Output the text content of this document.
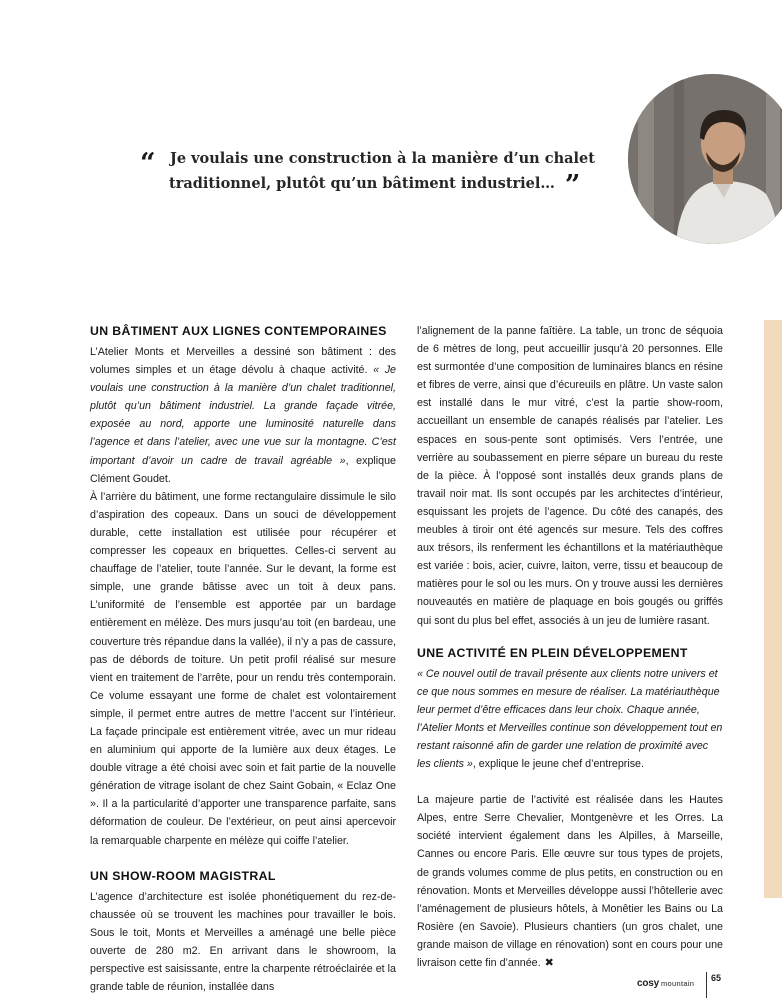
“ Je voulais une construction à la manière d’un chalet
traditionnel, plutôt qu’un bâtiment industriel… ”
UN BÂTIMENT AUX LIGNES CONTEMPORAINES

L’Atelier Monts et Merveilles a dessiné son bâtiment : des volumes simples et un étage dévolu à chaque activité. « Je voulais une construction à la manière d’un chalet traditionnel, plutôt qu’un bâtiment industriel. La grande façade vitrée, exposée au nord, apporte une luminosité naturelle dans l’agence et dans l’atelier, avec une vue sur la montagne. C’est important d’avoir un cadre de travail agréable », explique Clément Goudet.

À l’arrière du bâtiment, une forme rectangulaire dissimule le silo d’aspiration des copeaux. Dans un souci de développement durable, cette installation est utilisée pour récupérer et compresser les copeaux en briquettes. Celles-ci servent au chauffage de l’atelier, toute l’année. Sur le devant, la forme est simple, une grande bâtisse avec un toit à deux pans. L’uniformité de l’ensemble est apportée par un bardage entièrement en mélèze. Des murs jusqu’au toit (en bardeau, une couverture très répandue dans la vallée), il n’y a pas de cassure, pas de débords de toiture. Un petit profil réalisé sur mesure vient en traitement de l’arrête, pour un rendu très contemporain. Ce volume essayant une forme de chalet est volontairement simple, il permet entre autres de mettre l’accent sur l’intérieur. La façade principale est entièrement vitrée, avec un mur rideau en aluminium qui apporte de la lumière aux deux étages. Le double vitrage a été choisi avec soin et fait partie de la nouvelle génération de vitrage isolant de chez Saint Gobain, « Eclaz One ». Il a la particularité d’apporter une transparence parfaite, sans déformation de couleur. De l’extérieur, on peut ainsi apercevoir la remarquable charpente en mélèze qui coiffe l’atelier.

UN SHOW-ROOM MAGISTRAL

L’agence d’architecture est isolée phonétiquement du rez-de-chaussée où se trouvent les machines pour travailler le bois. Sous le toit, Monts et Merveilles a aménagé une belle pièce ouverte de 280 m2. En arrivant dans le showroom, la perspective est saisissante, entre la charpente rétroéclairée et la grande table de réunion, installée dans

l’alignement de la panne faîtière. La table, un tronc de séquoia de 6 mètres de long, peut accueillir jusqu’à 20 personnes. Elle est surmontée d’une composition de luminaires blancs en résine et fibres de verre, ainsi que d’écureuils en plâtre. Un vaste salon est installé dans le mur vitré, c’est la partie show-room, accueillant un ensemble de canapés réalisés par l’atelier. Les espaces en sous-pente sont optimisés. Vers l’entrée, une verrière au soubassement en pierre sépare un bureau du reste de la pièce. À l’opposé sont installés deux grands plans de travail noir mat. Ils sont occupés par les architectes d’intérieur, esquissant les projets de l’agence. Du côté des canapés, des meubles à tiroir ont été agencés sur mesure. Tels des coffres aux trésors, ils renferment les échantillons et la matériauthèque est variée : bois, acier, cuivre, laiton, verre, tissu et beaucoup de matières pour le sol ou les murs. On y trouve aussi les dernières nouveautés en matière de plaquage en bois gougés ou griffés qui sont du plus bel effet, associés à un jeu de lumière rasant.

UNE ACTIVITÉ EN PLEIN DÉVELOPPEMENT

« Ce nouvel outil de travail présente aux clients notre univers et ce que nous sommes en mesure de réaliser. La matériauthèque leur permet d’être efficaces dans leur choix. Chaque année, l’Atelier Monts et Merveilles continue son développement tout en restant raisonné afin de garder une relation de proximité avec les clients », explique le jeune chef d’entreprise.

La majeure partie de l’activité est réalisée dans les Hautes Alpes, entre Serre Chevalier, Montgenèvre et les Orres. La société intervient également dans les Alpilles, à Marseille, Cannes ou encore Paris. Elle œuvre sur tous types de projets, de grands volumes comme de plus petits, en construction ou en rénovation. Monts et Merveilles développe aussi l’hôtellerie avec l’aménagement de plusieurs hôtels, à Monêtier les Bains ou La Rosière (en Savoie). Plusieurs chantiers (un gros chalet, une grande maison de village en rénovation) sont en cours pour une livraison cette fin d’année. ✖

cosy mountain
65
